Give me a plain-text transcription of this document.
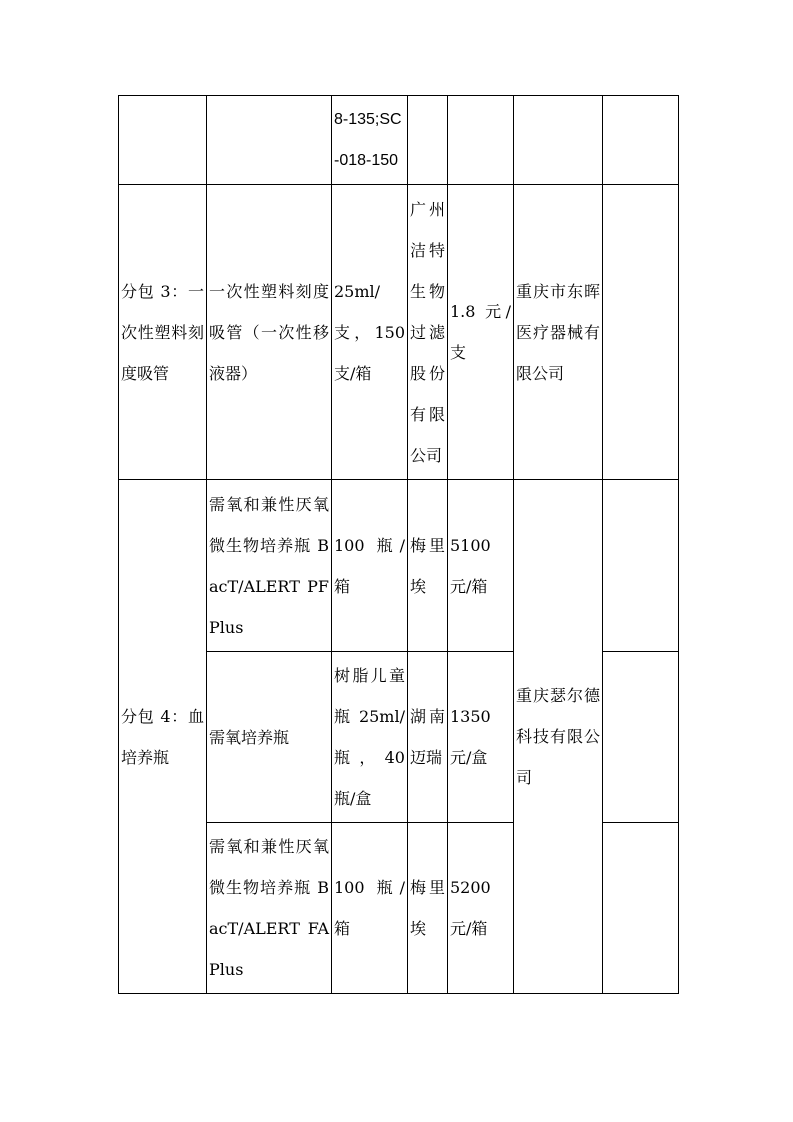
		8-135;SC-018-150				
分包 3：一次性塑料刻度吸管	一次性塑料刻度吸管（一次性移液器）	25ml/支，150 支/箱	广州洁特生物过滤股份有限公司	1.8 元/支	重庆市东晖医疗器械有限公司	
分包 4：血培养瓶	需氧和兼性厌氧微生物培养瓶 BacT/ALERT PF Plus	100 瓶/箱	梅里埃	5100 元/箱	重庆瑟尔德科技有限公司	
	需氧培养瓶	树脂儿童瓶 25ml/瓶，40 瓶/盒	湖南迈瑞	1350 元/盒		
	需氧和兼性厌氧微生物培养瓶 BacT/ALERT FA Plus	100 瓶/箱	梅里埃	5200 元/箱		
